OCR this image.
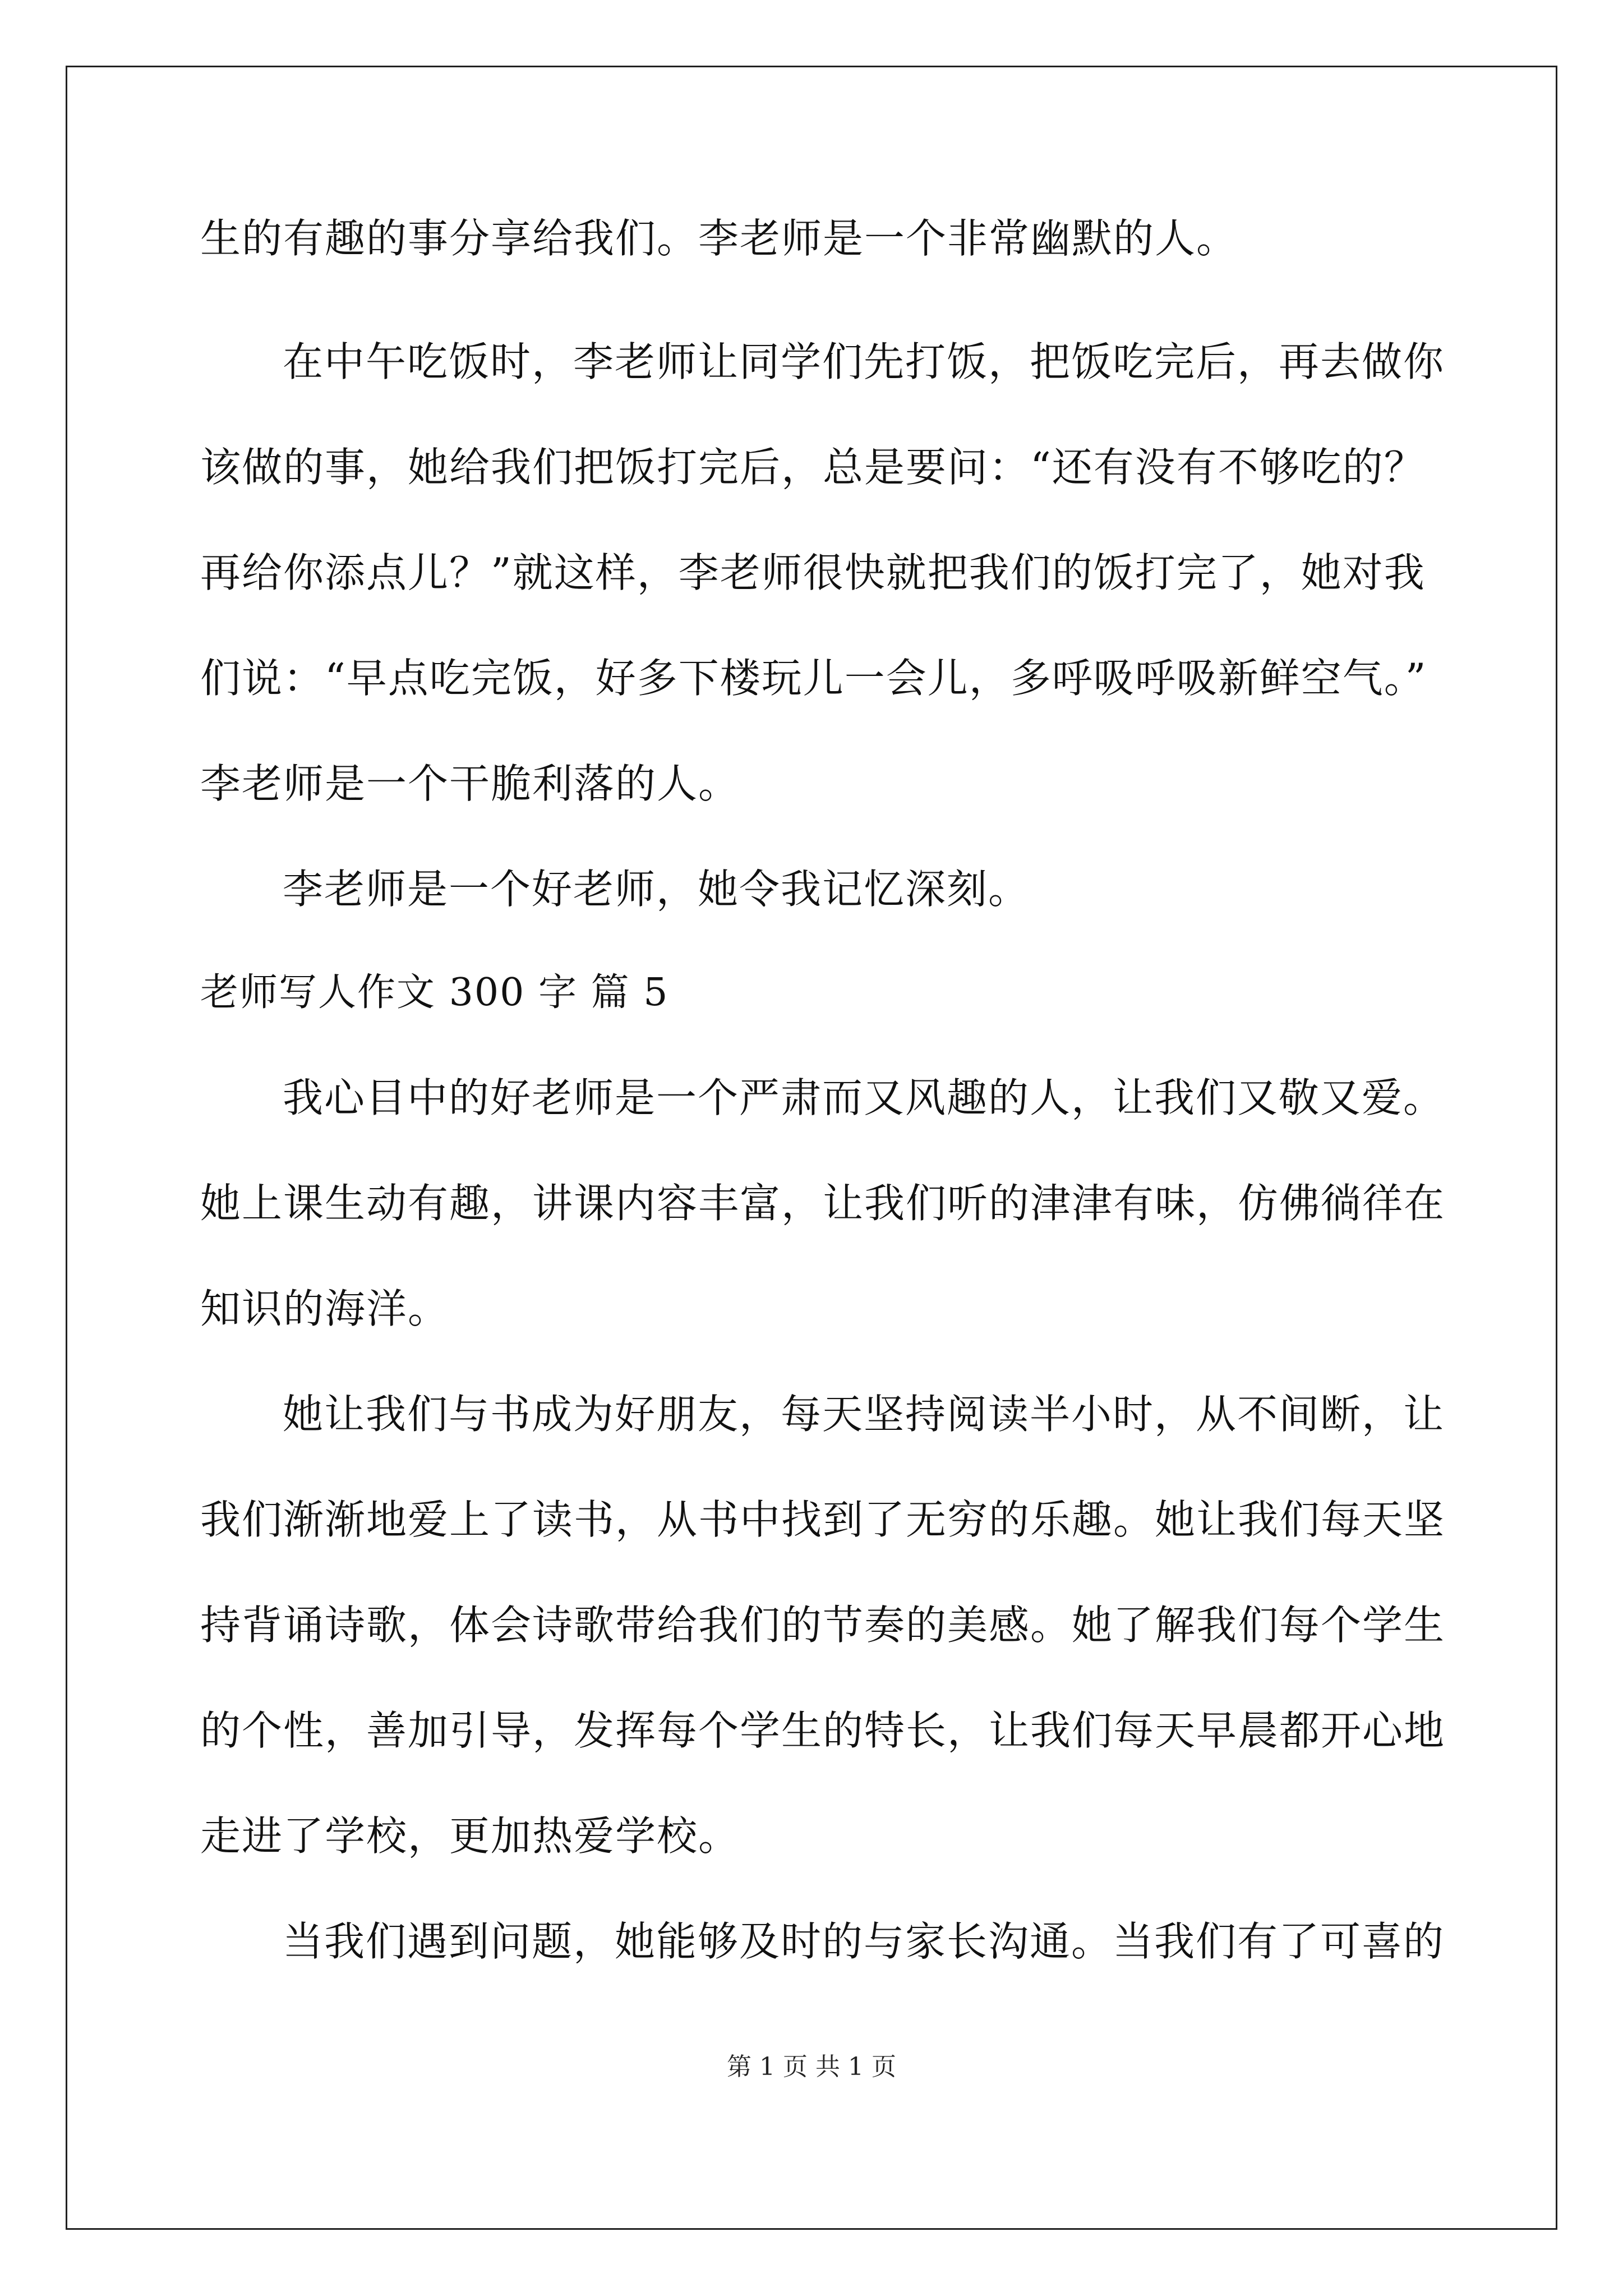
生的有趣的事分享给我们。李老师是一个非常幽默的人。
在中午吃饭时，李老师让同学们先打饭，把饭吃完后，再去做你
该做的事，她给我们把饭打完后，总是要问：“还有没有不够吃的？
再给你添点儿？”就这样，李老师很快就把我们的饭打完了，她对我
们说：“早点吃完饭，好多下楼玩儿一会儿，多呼吸呼吸新鲜空气。”
李老师是一个干脆利落的人。
李老师是一个好老师，她令我记忆深刻。
老师写人作文 300 字 篇 5
我心目中的好老师是一个严肃而又风趣的人，让我们又敬又爱。
她上课生动有趣，讲课内容丰富，让我们听的津津有味，仿佛徜徉在
知识的海洋。
她让我们与书成为好朋友，每天坚持阅读半小时，从不间断，让
我们渐渐地爱上了读书，从书中找到了无穷的乐趣。她让我们每天坚
持背诵诗歌，体会诗歌带给我们的节奏的美感。她了解我们每个学生
的个性，善加引导，发挥每个学生的特长，让我们每天早晨都开心地
走进了学校，更加热爱学校。
当我们遇到问题，她能够及时的与家长沟通。当我们有了可喜的
第 1 页 共 1 页
